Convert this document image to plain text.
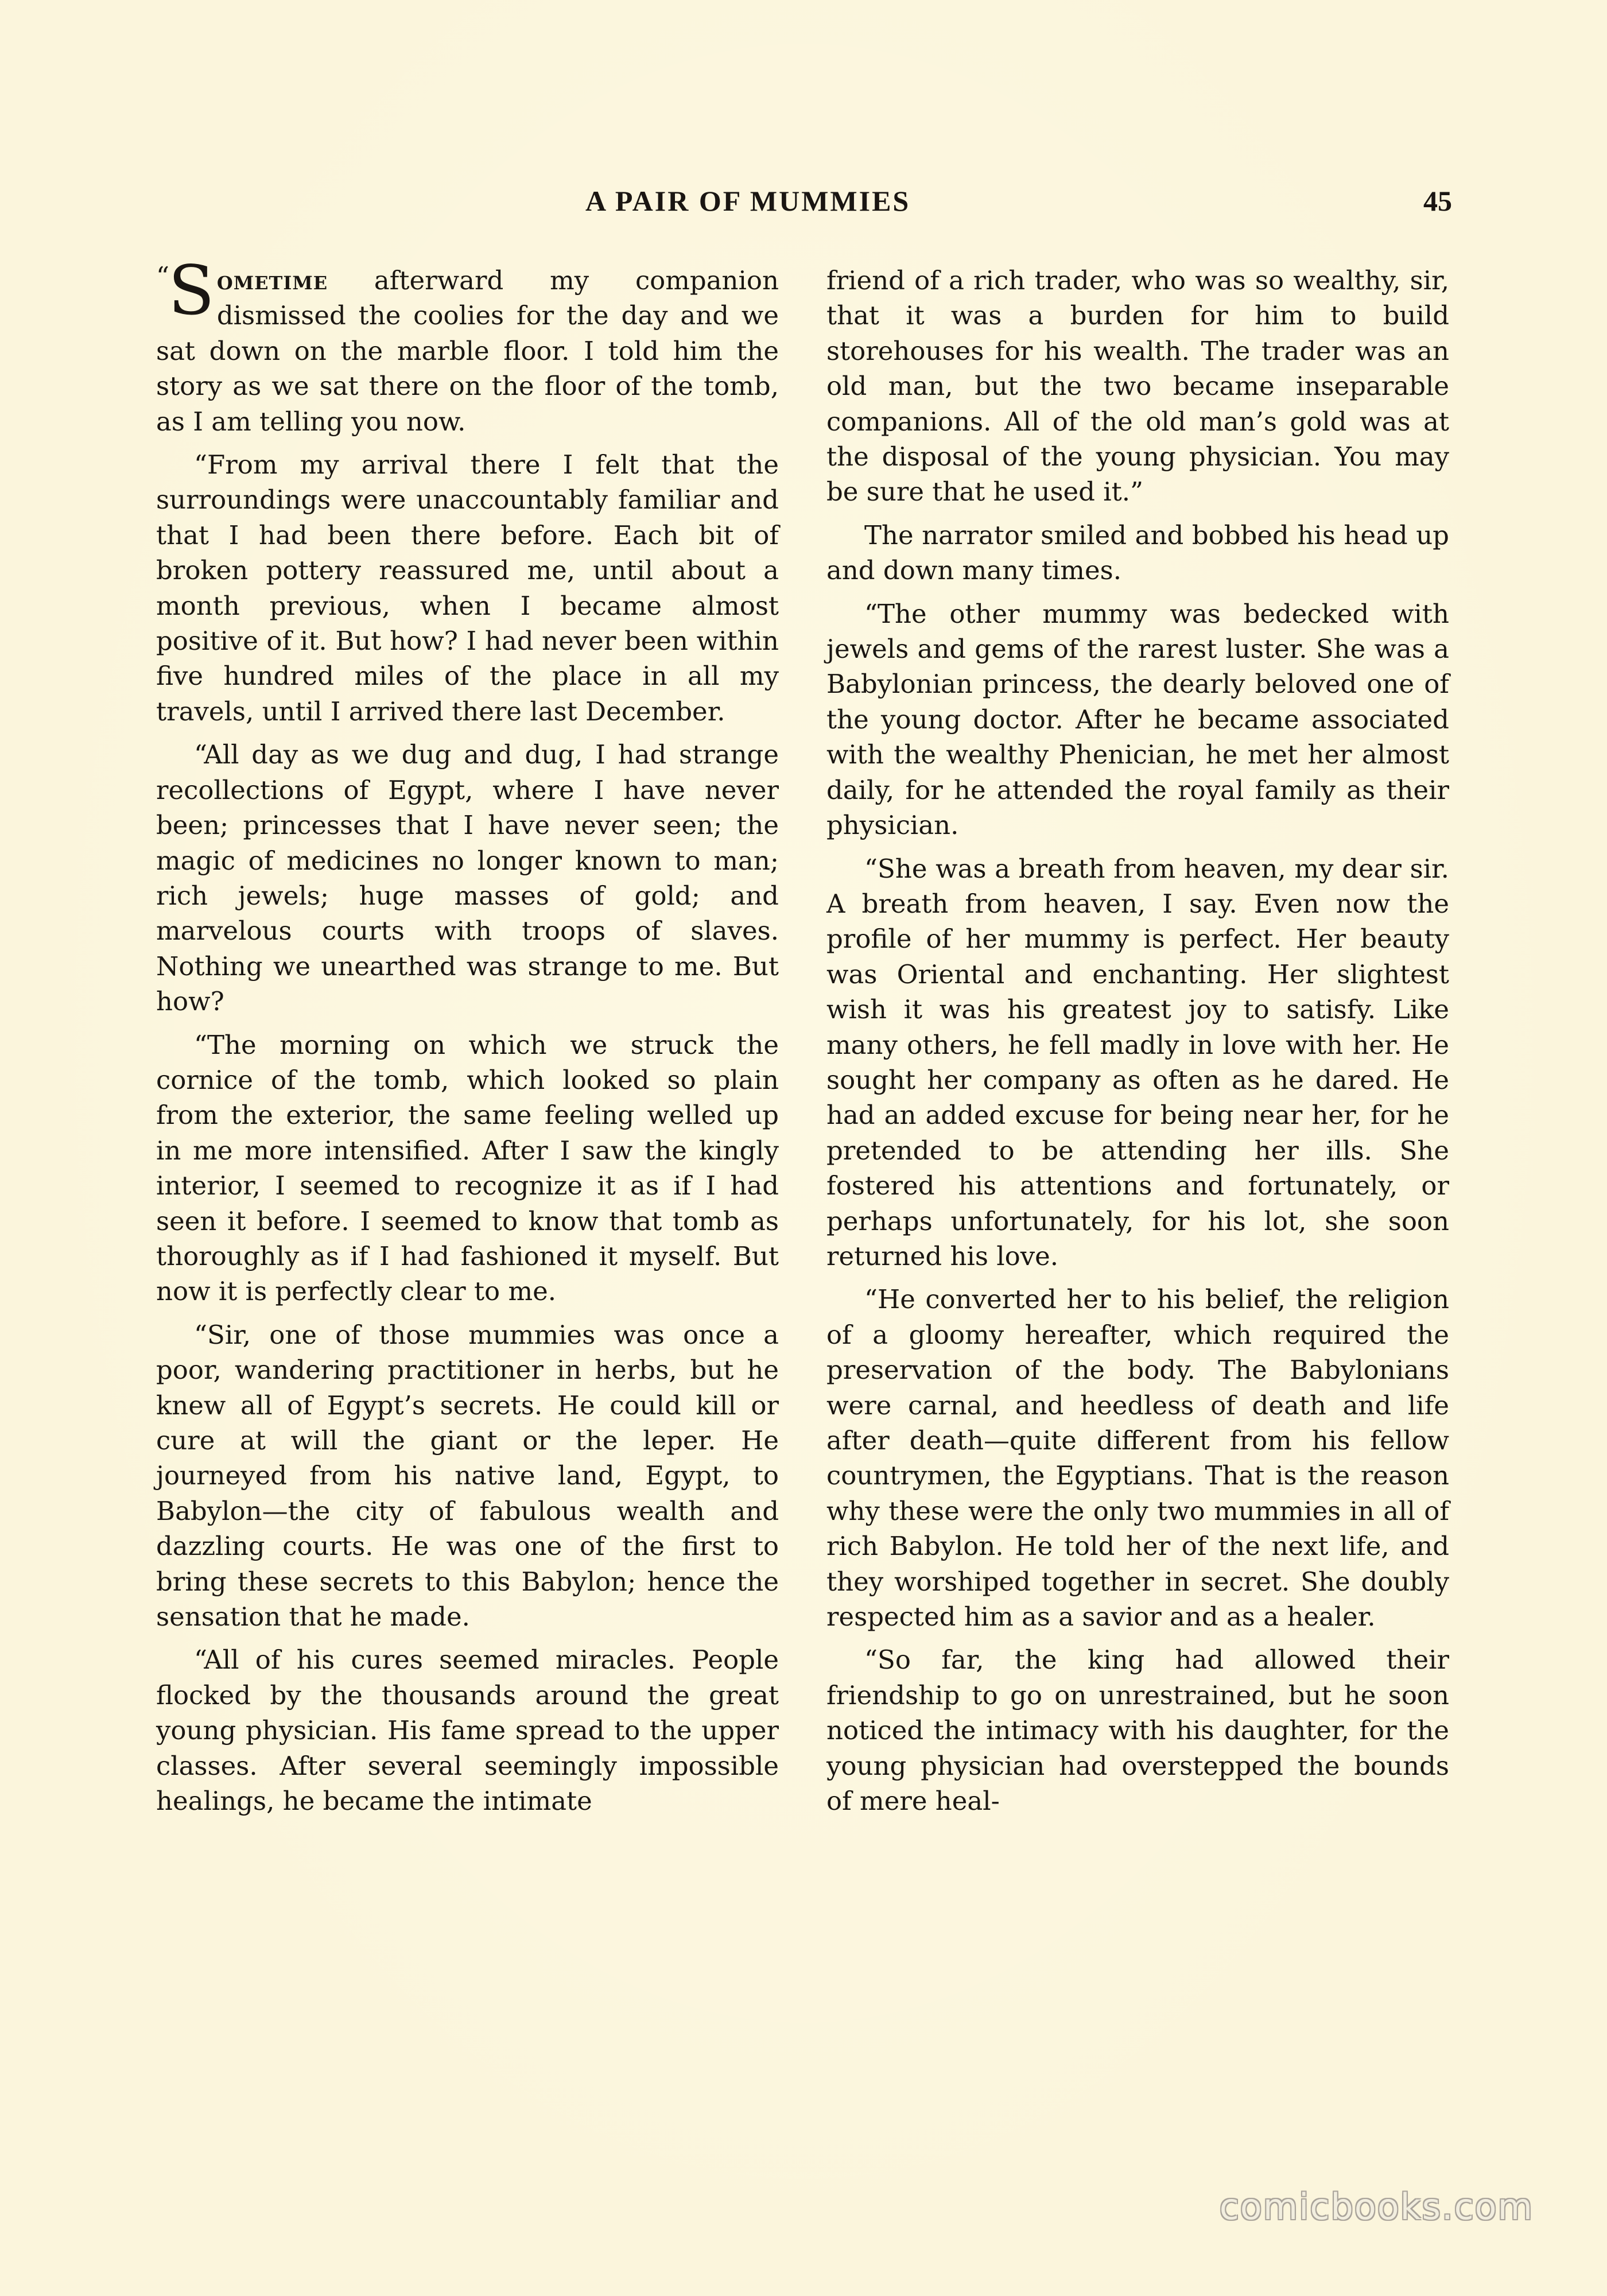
A PAIR OF MUMMIES	45

“S ometime afterward my companion dismissed the coolies for the day and we sat down on the marble floor. I told him the story as we sat there on the floor of the tomb, as I am telling you now.

“From my arrival there I felt that the surroundings were unaccountably familiar and that I had been there before. Each bit of broken pottery reassured me, until about a month previous, when I became almost positive of it. But how? I had never been within five hundred miles of the place in all my travels, until I arrived there last December.

“All day as we dug and dug, I had strange recollections of Egypt, where I have never been; princesses that I have never seen; the magic of medicines no longer known to man; rich jewels; huge masses of gold; and marvelous courts with troops of slaves. Nothing we unearthed was strange to me. But how?

“The morning on which we struck the cornice of the tomb, which looked so plain from the exterior, the same feeling welled up in me more intensified. After I saw the kingly interior, I seemed to recognize it as if I had seen it before. I seemed to know that tomb as thoroughly as if I had fashioned it myself. But now it is perfectly clear to me.

“Sir, one of those mummies was once a poor, wandering practitioner in herbs, but he knew all of Egypt’s secrets. He could kill or cure at will the giant or the leper. He journeyed from his native land, Egypt, to Babylon—the city of fabulous wealth and dazzling courts. He was one of the first to bring these secrets to this Babylon; hence the sensation that he made.

“All of his cures seemed miracles. People flocked by the thousands around the great young physician. His fame spread to the upper classes. After several seemingly impossible healings, he became the intimate

friend of a rich trader, who was so wealthy, sir, that it was a burden for him to build storehouses for his wealth. The trader was an old man, but the two became inseparable companions. All of the old man’s gold was at the disposal of the young physician. You may be sure that he used it.”

The narrator smiled and bobbed his head up and down many times.

“The other mummy was bedecked with jewels and gems of the rarest luster. She was a Babylonian princess, the dearly beloved one of the young doctor. After he became associated with the wealthy Phenician, he met her almost daily, for he attended the royal family as their physician.

“She was a breath from heaven, my dear sir. A breath from heaven, I say. Even now the profile of her mummy is perfect. Her beauty was Oriental and enchanting. Her slightest wish it was his greatest joy to satisfy. Like many others, he fell madly in love with her. He sought her company as often as he dared. He had an added excuse for being near her, for he pretended to be attending her ills. She fostered his attentions and fortunately, or perhaps unfortunately, for his lot, she soon returned his love.

“He converted her to his belief, the religion of a gloomy hereafter, which required the preservation of the body. The Babylonians were carnal, and heedless of death and life after death—quite different from his fellow countrymen, the Egyptians. That is the reason why these were the only two mummies in all of rich Babylon. He told her of the next life, and they worshiped together in secret. She doubly respected him as a savior and as a healer.

“So far, the king had allowed their friendship to go on unrestrained, but he soon noticed the intimacy with his daughter, for the young physician had overstepped the bounds of mere heal-

comicbooks.com
